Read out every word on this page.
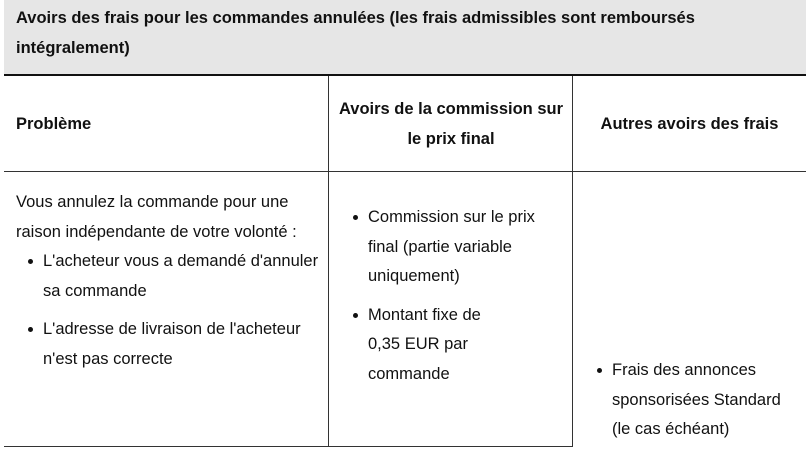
Avoirs des frais pour les commandes annulées (les frais admissibles sont remboursés intégralement)
Problème
Avoirs de la commission sur le prix final
Autres avoirs des frais
Vous annulez la commande pour une raison indépendante de votre volonté :
L'acheteur vous a demandé d'annuler sa commande
L'adresse de livraison de l'acheteur n'est pas correcte
Commission sur le prix final (partie variable uniquement)
Montant fixe de 0,35 EUR par commande	Frais des annonces sponsorisées Standard (le cas échéant)
